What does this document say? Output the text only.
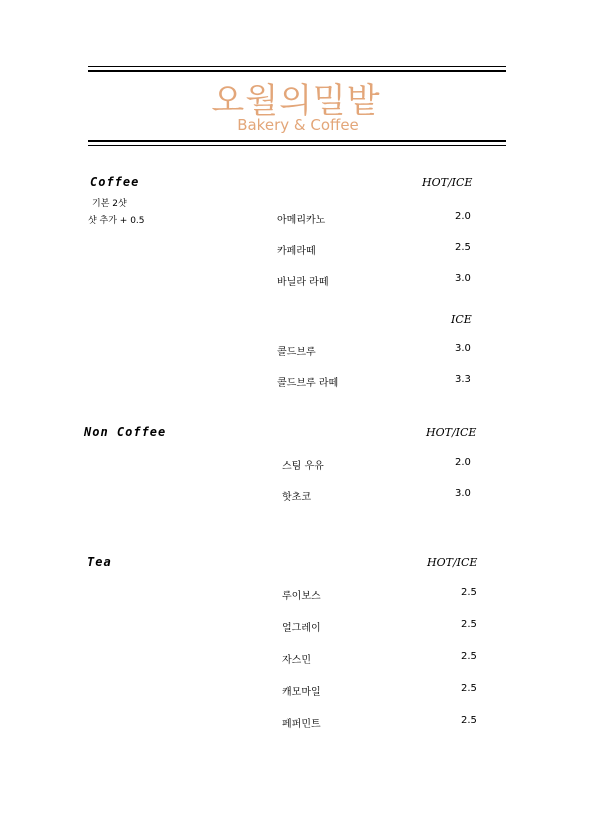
오월의밀밭
Bakery & Coffee
Coffee	HOT/ICE
기본 2샷
샷 추가 + 0.5	아메리카노	2.0
카페라떼	2.5
바닐라 라떼	3.0
ICE
콜드브루	3.0
콜드브루 라떼	3.3
Non Coffee	HOT/ICE
스팀 우유	2.0
핫초코	3.0
Tea	HOT/ICE
루이보스	2.5
얼그레이	2.5
자스민	2.5
캐모마일	2.5
페퍼민트	2.5
